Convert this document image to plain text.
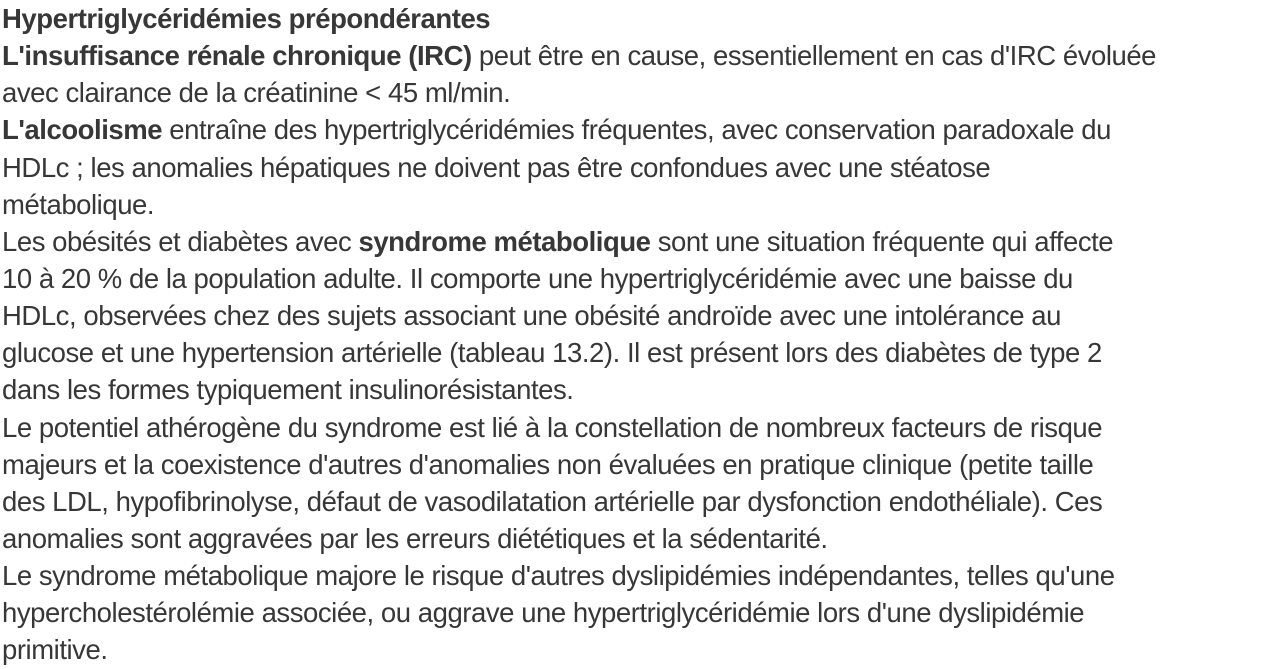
Hypertriglycéridémies prépondérantes
L'insuffisance rénale chronique (IRC) peut être en cause, essentiellement en cas d'IRC évoluée
avec clairance de la créatinine < 45 ml/min.
L'alcoolisme entraîne des hypertriglycéridémies fréquentes, avec conservation paradoxale du
HDLc ; les anomalies hépatiques ne doivent pas être confondues avec une stéatose
métabolique.
Les obésités et diabètes avec syndrome métabolique sont une situation fréquente qui affecte
10 à 20 % de la population adulte. Il comporte une hypertriglycéridémie avec une baisse du
HDLc, observées chez des sujets associant une obésité androïde avec une intolérance au
glucose et une hypertension artérielle (tableau 13.2). Il est présent lors des diabètes de type 2
dans les formes typiquement insulinorésistantes.
Le potentiel athérogène du syndrome est lié à la constellation de nombreux facteurs de risque
majeurs et la coexistence d'autres d'anomalies non évaluées en pratique clinique (petite taille
des LDL, hypofibrinolyse, défaut de vasodilatation artérielle par dysfonction endothéliale). Ces
anomalies sont aggravées par les erreurs diététiques et la sédentarité.
Le syndrome métabolique majore le risque d'autres dyslipidémies indépendantes, telles qu'une
hypercholestérolémie associée, ou aggrave une hypertriglycéridémie lors d'une dyslipidémie
primitive.
